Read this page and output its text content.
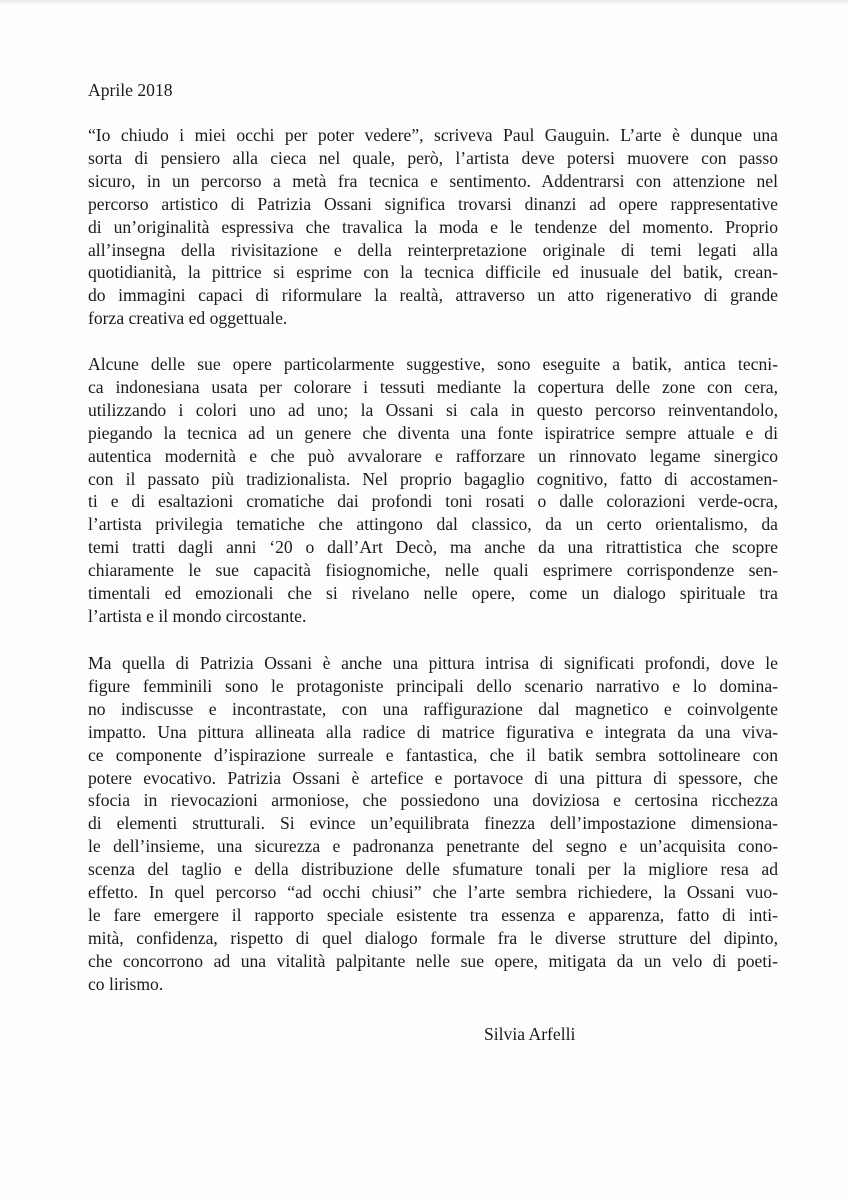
Aprile 2018
“Io chiudo i miei occhi per poter vedere”, scriveva Paul Gauguin. L’arte è dunque una
sorta di pensiero alla cieca nel quale, però, l’artista deve potersi muovere con passo
sicuro, in un percorso a metà fra tecnica e sentimento. Addentrarsi con attenzione nel
percorso artistico di Patrizia Ossani significa trovarsi dinanzi ad opere rappresentative
di un’originalità espressiva che travalica la moda e le tendenze del momento. Proprio
all’insegna della rivisitazione e della reinterpretazione originale di temi legati alla
quotidianità, la pittrice si esprime con la tecnica difficile ed inusuale del batik, crean-
do immagini capaci di riformulare la realtà, attraverso un atto rigenerativo di grande
forza creativa ed oggettuale.
Alcune delle sue opere particolarmente suggestive, sono eseguite a batik, antica tecni-
ca indonesiana usata per colorare i tessuti mediante la copertura delle zone con cera,
utilizzando i colori uno ad uno; la Ossani si cala in questo percorso reinventandolo,
piegando la tecnica ad un genere che diventa una fonte ispiratrice sempre attuale e di
autentica modernità e che può avvalorare e rafforzare un rinnovato legame sinergico
con il passato più tradizionalista. Nel proprio bagaglio cognitivo, fatto di accostamen-
ti e di esaltazioni cromatiche dai profondi toni rosati o dalle colorazioni verde-ocra,
l’artista privilegia tematiche che attingono dal classico, da un certo orientalismo, da
temi tratti dagli anni ‘20 o dall’Art Decò, ma anche da una ritrattistica che scopre
chiaramente le sue capacità fisiognomiche, nelle quali esprimere corrispondenze sen-
timentali ed emozionali che si rivelano nelle opere, come un dialogo spirituale tra
l’artista e il mondo circostante.
Ma quella di Patrizia Ossani è anche una pittura intrisa di significati profondi, dove le
figure femminili sono le protagoniste principali dello scenario narrativo e lo domina-
no indiscusse e incontrastate, con una raffigurazione dal magnetico e coinvolgente
impatto. Una pittura allineata alla radice di matrice figurativa e integrata da una viva-
ce componente d’ispirazione surreale e fantastica, che il batik sembra sottolineare con
potere evocativo. Patrizia Ossani è artefice e portavoce di una pittura di spessore, che
sfocia in rievocazioni armoniose, che possiedono una doviziosa e certosina ricchezza
di elementi strutturali. Si evince un’equilibrata finezza dell’impostazione dimensiona-
le dell’insieme, una sicurezza e padronanza penetrante del segno e un’acquisita cono-
scenza del taglio e della distribuzione delle sfumature tonali per la migliore resa ad
effetto. In quel percorso “ad occhi chiusi” che l’arte sembra richiedere, la Ossani vuo-
le fare emergere il rapporto speciale esistente tra essenza e apparenza, fatto di inti-
mità, confidenza, rispetto di quel dialogo formale fra le diverse strutture del dipinto,
che concorrono ad una vitalità palpitante nelle sue opere, mitigata da un velo di poeti-
co lirismo.
Silvia Arfelli
